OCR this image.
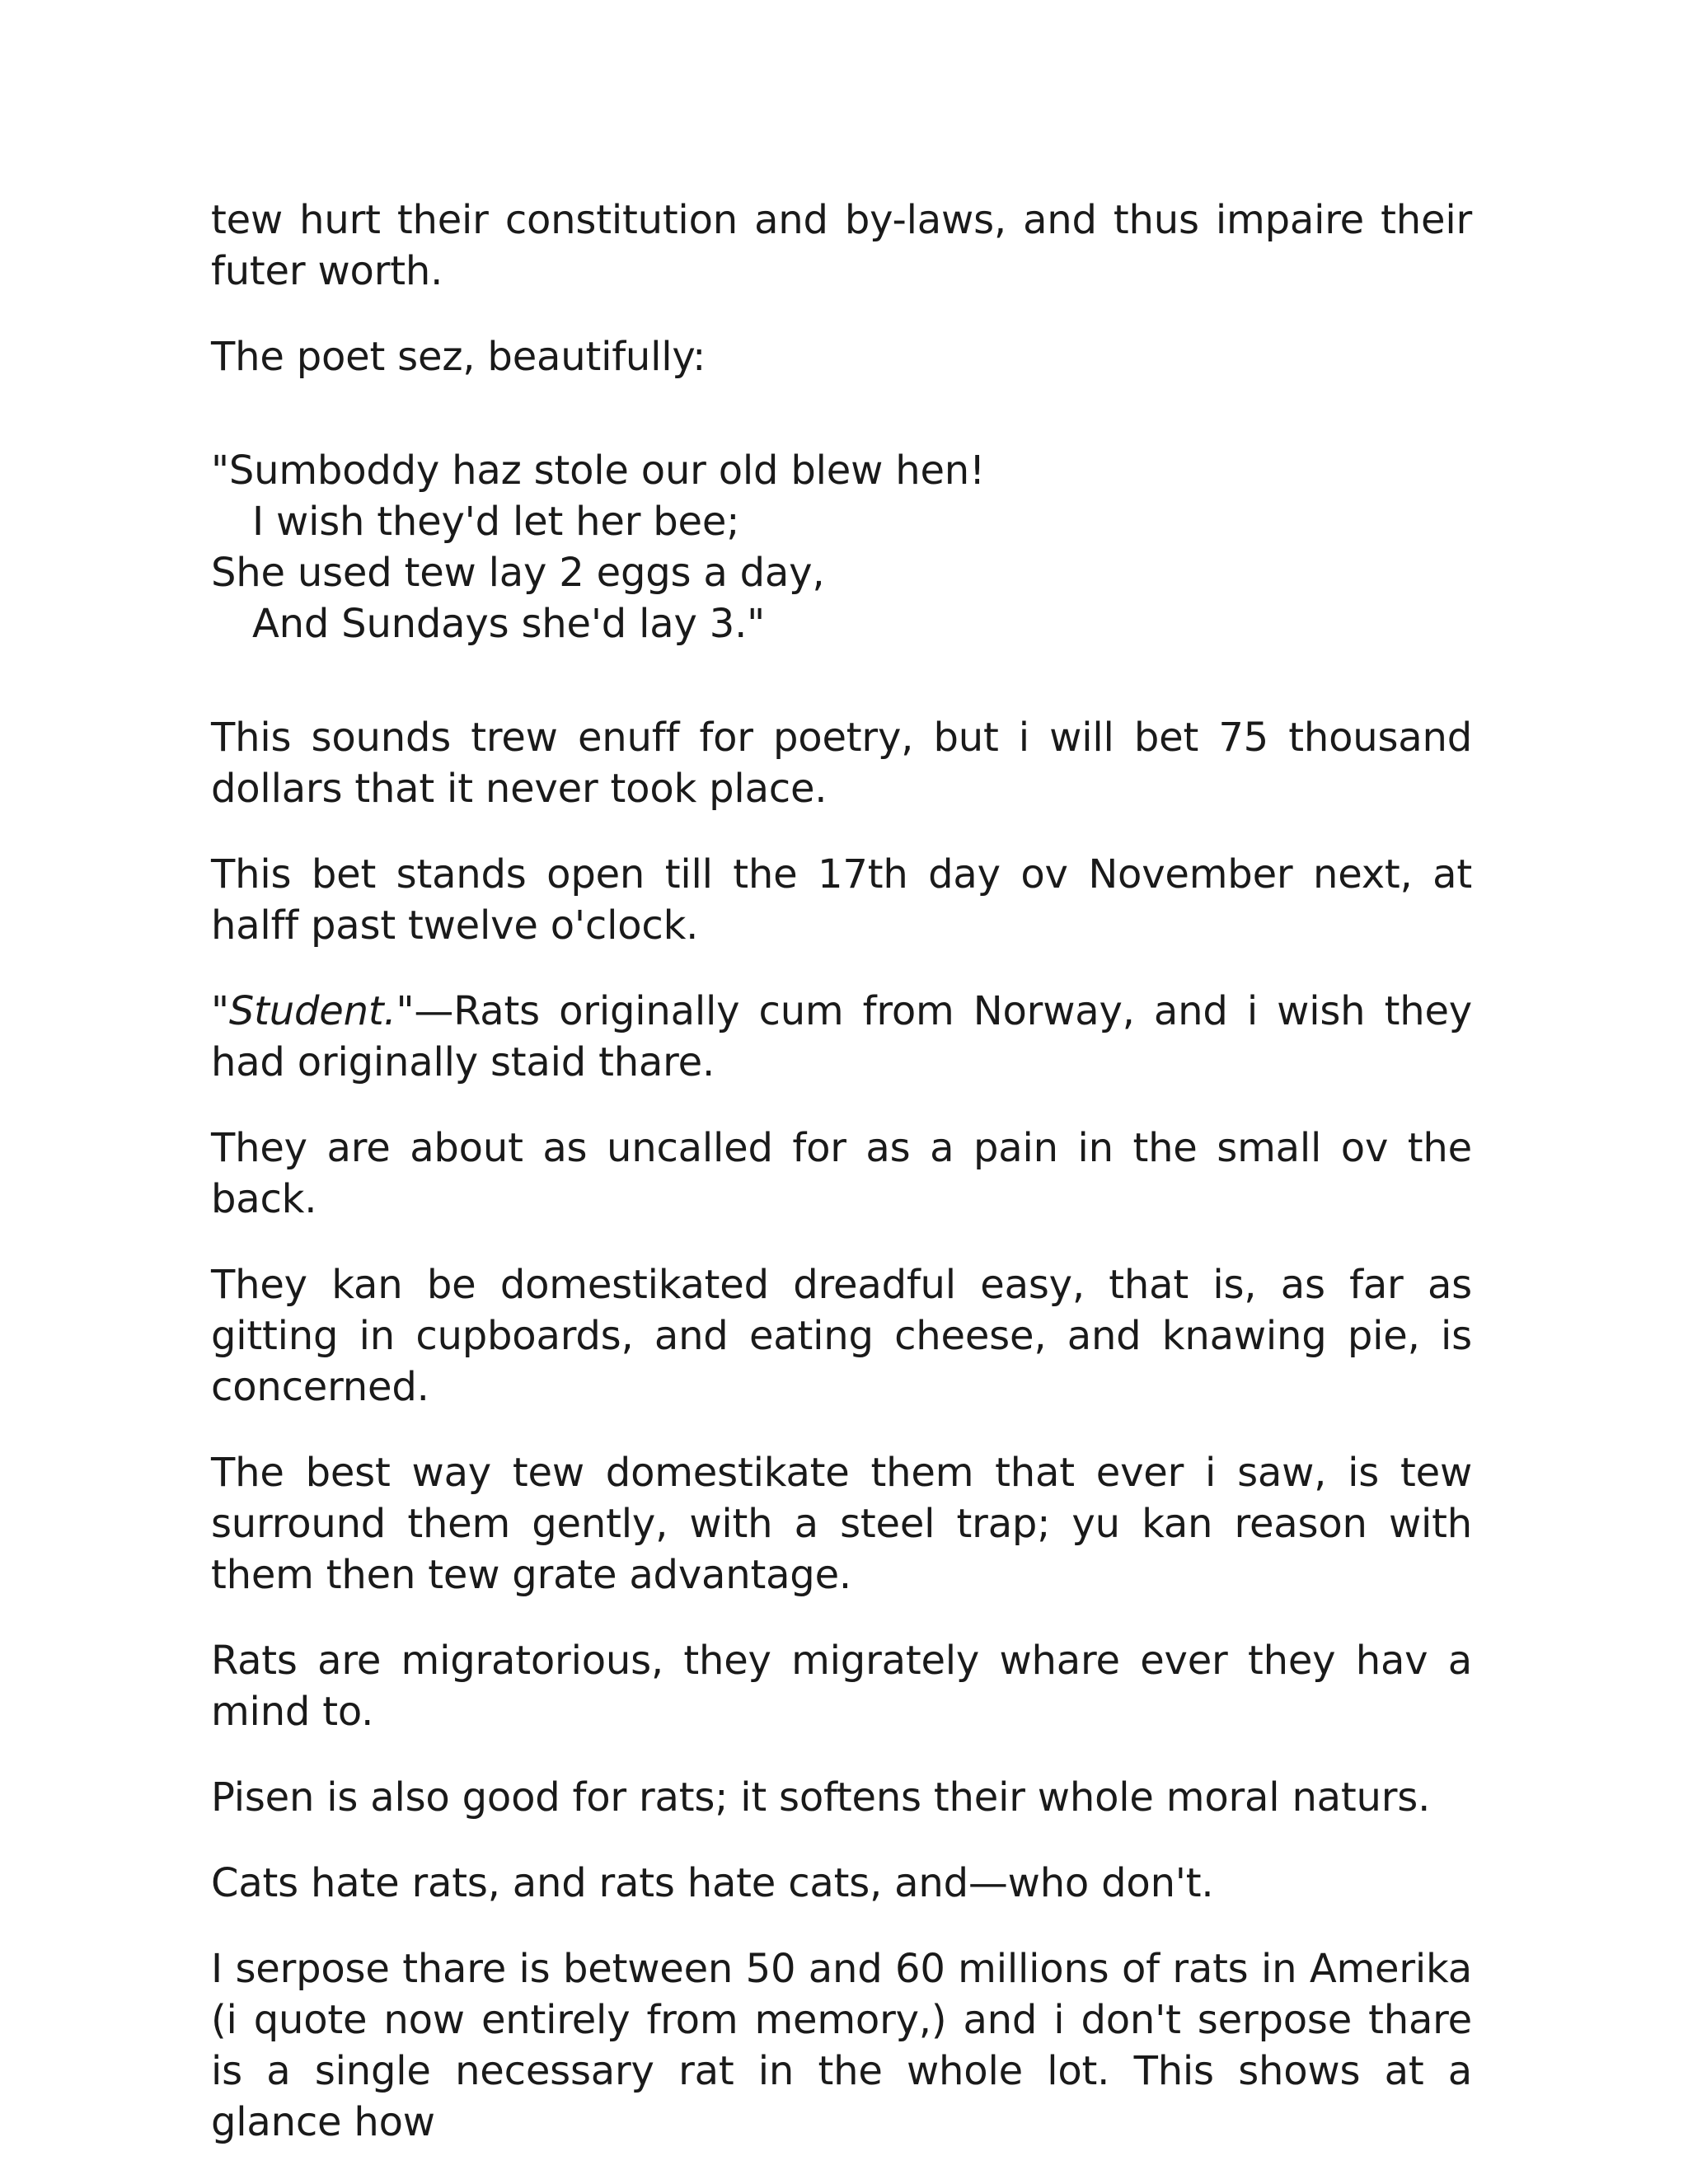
tew hurt their constitution and by-laws, and thus impaire their futer worth.

The poet sez, beautifully:

"Sumboddy haz stole our old blew hen!
I wish they'd let her bee;
She used tew lay 2 eggs a day,
And Sundays she'd lay 3."

This sounds trew enuff for poetry, but i will bet 75 thousand dollars that it never took place.

This bet stands open till the 17th day ov November next, at halff past twelve o'clock.

"Student."—Rats originally cum from Norway, and i wish they had originally staid thare.

They are about as uncalled for as a pain in the small ov the back.

They kan be domestikated dreadful easy, that is, as far as gitting in cupboards, and eating cheese, and knawing pie, is concerned.

The best way tew domestikate them that ever i saw, is tew surround them gently, with a steel trap; yu kan reason with them then tew grate advantage.

Rats are migratorious, they migrately whare ever they hav a mind to.

Pisen is also good for rats; it softens their whole moral naturs.

Cats hate rats, and rats hate cats, and—who don't.

I serpose thare is between 50 and 60 millions of rats in Amerika (i quote now entirely from memory,) and i don't serpose thare is a single necessary rat in the whole lot. This shows at a glance how
